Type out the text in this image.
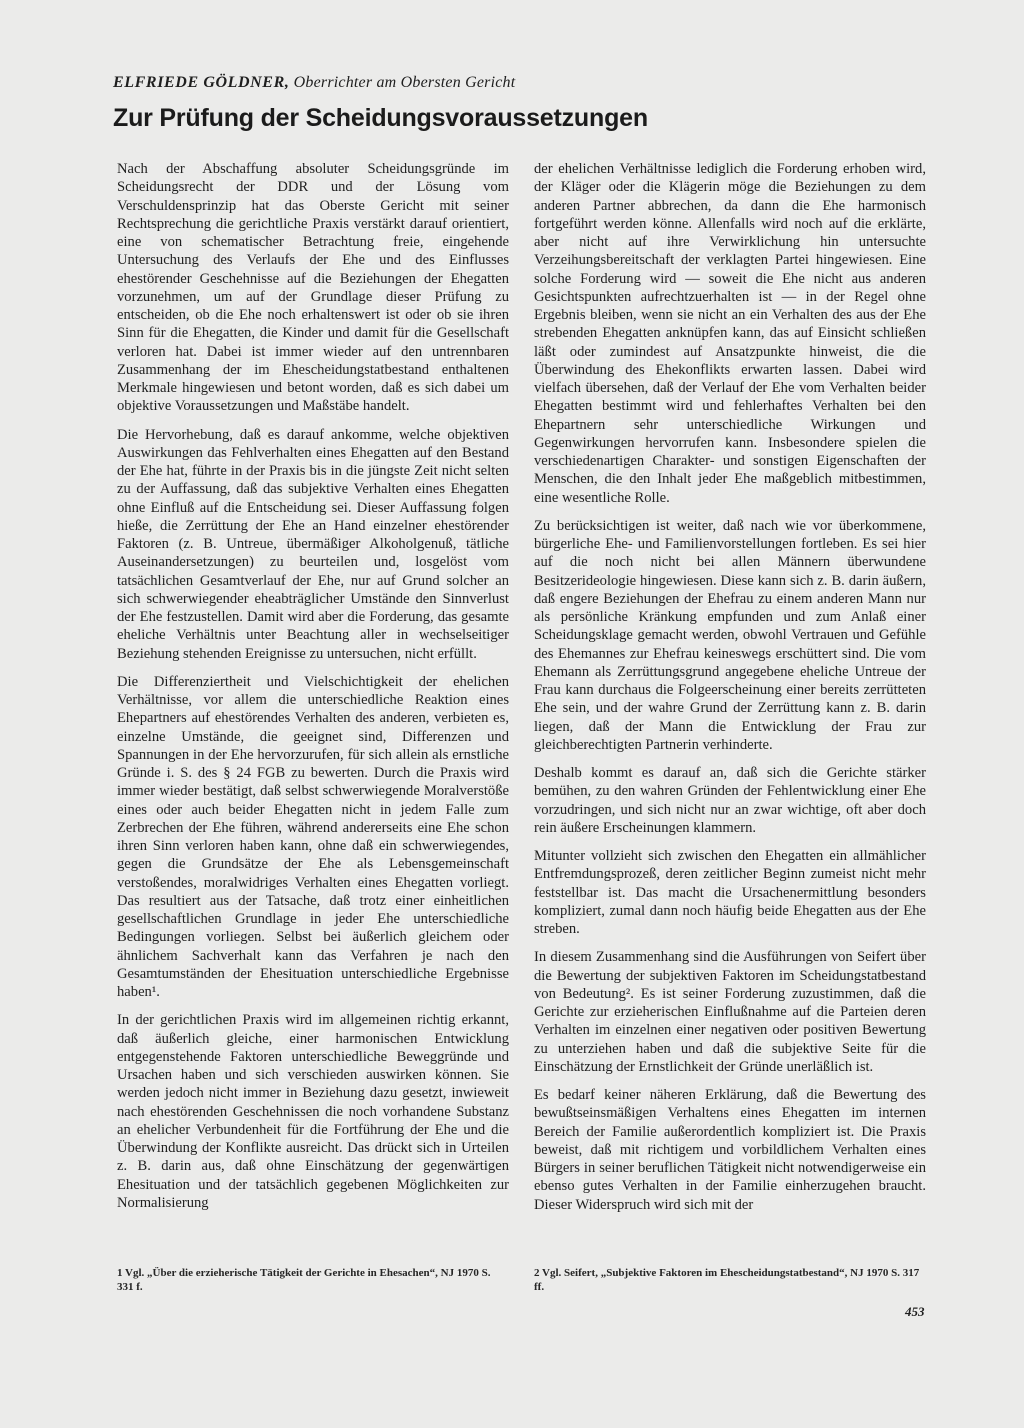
ELFRIEDE GÖLDNER, Oberrichter am Obersten Gericht
Zur Prüfung der Scheidungsvoraussetzungen

Nach der Abschaffung absoluter Scheidungsgründe im Scheidungsrecht der DDR und der Lösung vom Verschuldensprinzip hat das Oberste Gericht mit seiner Rechtsprechung die gerichtliche Praxis verstärkt darauf orientiert, eine von schematischer Betrachtung freie, eingehende Untersuchung des Verlaufs der Ehe und des Einflusses ehestörender Geschehnisse auf die Beziehungen der Ehegatten vorzunehmen, um auf der Grundlage dieser Prüfung zu entscheiden, ob die Ehe noch erhaltenswert ist oder ob sie ihren Sinn für die Ehegatten, die Kinder und damit für die Gesellschaft verloren hat. Dabei ist immer wieder auf den untrennbaren Zusammenhang der im Ehescheidungstatbestand enthaltenen Merkmale hingewiesen und betont worden, daß es sich dabei um objektive Voraussetzungen und Maßstäbe handelt.

Die Hervorhebung, daß es darauf ankomme, welche objektiven Auswirkungen das Fehlverhalten eines Ehegatten auf den Bestand der Ehe hat, führte in der Praxis bis in die jüngste Zeit nicht selten zu der Auffassung, daß das subjektive Verhalten eines Ehegatten ohne Einfluß auf die Entscheidung sei. Dieser Auffassung folgen hieße, die Zerrüttung der Ehe an Hand einzelner ehestörender Faktoren (z. B. Untreue, übermäßiger Alkoholgenuß, tätliche Auseinandersetzungen) zu beurteilen und, losgelöst vom tatsächlichen Gesamtverlauf der Ehe, nur auf Grund solcher an sich schwerwiegender eheabträglicher Umstände den Sinnverlust der Ehe festzustellen. Damit wird aber die Forderung, das gesamte eheliche Verhältnis unter Beachtung aller in wechselseitiger Beziehung stehenden Ereignisse zu untersuchen, nicht erfüllt.

Die Differenziertheit und Vielschichtigkeit der ehelichen Verhältnisse, vor allem die unterschiedliche Reaktion eines Ehepartners auf ehestörendes Verhalten des anderen, verbieten es, einzelne Umstände, die geeignet sind, Differenzen und Spannungen in der Ehe hervorzurufen, für sich allein als ernstliche Gründe i. S. des § 24 FGB zu bewerten. Durch die Praxis wird immer wieder bestätigt, daß selbst schwerwiegende Moralverstöße eines oder auch beider Ehegatten nicht in jedem Falle zum Zerbrechen der Ehe führen, während andererseits eine Ehe schon ihren Sinn verloren haben kann, ohne daß ein schwerwiegendes, gegen die Grundsätze der Ehe als Lebensgemeinschaft verstoßendes, moralwidriges Verhalten eines Ehegatten vorliegt. Das resultiert aus der Tatsache, daß trotz einer einheitlichen gesellschaftlichen Grundlage in jeder Ehe unterschiedliche Bedingungen vorliegen. Selbst bei äußerlich gleichem oder ähnlichem Sachverhalt kann das Verfahren je nach den Gesamtumständen der Ehesituation unterschiedliche Ergebnisse haben¹.

In der gerichtlichen Praxis wird im allgemeinen richtig erkannt, daß äußerlich gleiche, einer harmonischen Entwicklung entgegenstehende Faktoren unterschiedliche Beweggründe und Ursachen haben und sich verschieden auswirken können. Sie werden jedoch nicht immer in Beziehung dazu gesetzt, inwieweit nach ehestörenden Geschehnissen die noch vorhandene Substanz an ehelicher Verbundenheit für die Fortführung der Ehe und die Überwindung der Konflikte ausreicht. Das drückt sich in Urteilen z. B. darin aus, daß ohne Einschätzung der gegenwärtigen Ehesituation und der tatsächlich gegebenen Möglichkeiten zur Normalisierung

der ehelichen Verhältnisse lediglich die Forderung erhoben wird, der Kläger oder die Klägerin möge die Beziehungen zu dem anderen Partner abbrechen, da dann die Ehe harmonisch fortgeführt werden könne. Allenfalls wird noch auf die erklärte, aber nicht auf ihre Verwirklichung hin untersuchte Verzeihungsbereitschaft der verklagten Partei hingewiesen. Eine solche Forderung wird — soweit die Ehe nicht aus anderen Gesichtspunkten aufrechtzuerhalten ist — in der Regel ohne Ergebnis bleiben, wenn sie nicht an ein Verhalten des aus der Ehe strebenden Ehegatten anknüpfen kann, das auf Einsicht schließen läßt oder zumindest auf Ansatzpunkte hinweist, die die Überwindung des Ehekonflikts erwarten lassen. Dabei wird vielfach übersehen, daß der Verlauf der Ehe vom Verhalten beider Ehegatten bestimmt wird und fehlerhaftes Verhalten bei den Ehepartnern sehr unterschiedliche Wirkungen und Gegenwirkungen hervorrufen kann. Insbesondere spielen die verschiedenartigen Charakter- und sonstigen Eigenschaften der Menschen, die den Inhalt jeder Ehe maßgeblich mitbestimmen, eine wesentliche Rolle.

Zu berücksichtigen ist weiter, daß nach wie vor überkommene, bürgerliche Ehe- und Familienvorstellungen fortleben. Es sei hier auf die noch nicht bei allen Männern überwundene Besitzerideologie hingewiesen. Diese kann sich z. B. darin äußern, daß engere Beziehungen der Ehefrau zu einem anderen Mann nur als persönliche Kränkung empfunden und zum Anlaß einer Scheidungsklage gemacht werden, obwohl Vertrauen und Gefühle des Ehemannes zur Ehefrau keineswegs erschüttert sind. Die vom Ehemann als Zerrüttungsgrund angegebene eheliche Untreue der Frau kann durchaus die Folgeerscheinung einer bereits zerrütteten Ehe sein, und der wahre Grund der Zerrüttung kann z. B. darin liegen, daß der Mann die Entwicklung der Frau zur gleichberechtigten Partnerin verhinderte.

Deshalb kommt es darauf an, daß sich die Gerichte stärker bemühen, zu den wahren Gründen der Fehlentwicklung einer Ehe vorzudringen, und sich nicht nur an zwar wichtige, oft aber doch rein äußere Erscheinungen klammern.

Mitunter vollzieht sich zwischen den Ehegatten ein allmählicher Entfremdungsprozeß, deren zeitlicher Beginn zumeist nicht mehr feststellbar ist. Das macht die Ursachenermittlung besonders kompliziert, zumal dann noch häufig beide Ehegatten aus der Ehe streben.

In diesem Zusammenhang sind die Ausführungen von Seifert über die Bewertung der subjektiven Faktoren im Scheidungstatbestand von Bedeutung². Es ist seiner Forderung zuzustimmen, daß die Gerichte zur erzieherischen Einflußnahme auf die Parteien deren Verhalten im einzelnen einer negativen oder positiven Bewertung zu unterziehen haben und daß die subjektive Seite für die Einschätzung der Ernstlichkeit der Gründe unerläßlich ist.

Es bedarf keiner näheren Erklärung, daß die Bewertung des bewußtseinsmäßigen Verhaltens eines Ehegatten im internen Bereich der Familie außerordentlich kompliziert ist. Die Praxis beweist, daß mit richtigem und vorbildlichem Verhalten eines Bürgers in seiner beruflichen Tätigkeit nicht notwendigerweise ein ebenso gutes Verhalten in der Familie einherzugehen braucht. Dieser Widerspruch wird sich mit der

1 Vgl. „Über die erzieherische Tätigkeit der Gerichte in Ehesachen“, NJ 1970 S. 331 f.
2 Vgl. Seifert, „Subjektive Faktoren im Ehescheidungstatbestand“, NJ 1970 S. 317 ff.
453
